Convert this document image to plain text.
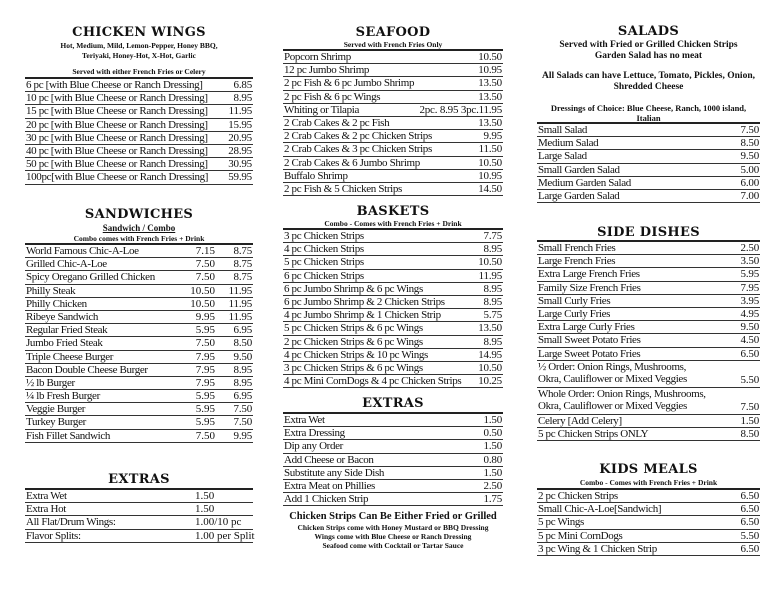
CHICKEN WINGS
Hot, Medium, Mild, Lemon-Pepper, Honey BBQ,
Teriyaki, Honey-Hot, X-Hot, Garlic
Served with either French Fries or Celery
6 pc [with Blue Cheese or Ranch Dressing]	6.85
10 pc [with Blue Cheese or Ranch Dressing] 8.95
15 pc [with Blue Cheese or Ranch Dressing] 11.95
20 pc [with Blue Cheese or Ranch Dressing] 15.95
30 pc [with Blue Cheese or Ranch Dressing] 20.95
40 pc [with Blue Cheese or Ranch Dressing] 28.95
50 pc [with Blue Cheese or Ranch Dressing] 30.95
100pc[with Blue Cheese or Ranch Dressing] 59.95
SANDWICHES
Sandwich / Combo
Combo comes with French Fries + Drink
World Famous Chic-A-Loe	7.15 8.75
Grilled Chic-A-Loe	7.50 8.75
Spicy Oregano Grilled Chicken	7.50 8.75
Philly Steak	10.50 11.95
Philly Chicken	10.50 11.95
Ribeye Sandwich	9.95 11.95
Regular Fried Steak	5.95 6.95
Jumbo Fried Steak	7.50 8.50
Triple Cheese Burger	7.95 9.50
Bacon Double Cheese Burger	7.95 8.95
½ lb Burger	7.95 8.95
¼ lb Fresh Burger	5.95 6.95
Veggie Burger	5.95 7.50
Turkey Burger	5.95 7.50
Fish Fillet Sandwich	7.50 9.95
EXTRAS
Extra Wet	1.50
Extra Hot	1.50
All Flat/Drum Wings:	1.00/10 pc
Flavor Splits:	1.00 per Split
SEAFOOD
Served with French Fries Only
Popcorn Shrimp	10.50
12 pc Jumbo Shrimp	10.95
2 pc Fish & 6 pc Jumbo Shrimp	13.50
2 pc Fish & 6 pc Wings	13.50
Whiting or Tilapia	2pc. 8.95 3pc.11.95
2 Crab Cakes & 2 pc Fish	13.50
2 Crab Cakes & 2 pc Chicken Strips	9.95
2 Crab Cakes & 3 pc Chicken Strips	11.50
2 Crab Cakes & 6 Jumbo Shrimp	10.50
Buffalo Shrimp	10.95
2 pc Fish & 5 Chicken Strips	14.50
BASKETS
Combo - Comes with French Fries + Drink
3 pc Chicken Strips	7.75
4 pc Chicken Strips	8.95
5 pc Chicken Strips	10.50
6 pc Chicken Strips	11.95
6 pc Jumbo Shrimp & 6 pc Wings	8.95
6 pc Jumbo Shrimp & 2 Chicken Strips	8.95
4 pc Jumbo Shrimp & 1 Chicken Strip	5.75
5 pc Chicken Strips & 6 pc Wings	13.50
2 pc Chicken Strips & 6 pc Wings	8.95
4 pc Chicken Strips & 10 pc Wings	14.95
3 pc Chicken Strips & 6 pc Wings	10.50
4 pc Mini CornDogs & 4 pc Chicken Strips 10.25
EXTRAS
Extra Wet	1.50
Extra Dressing	0.50
Dip any Order	1.50
Add Cheese or Bacon	0.80
Substitute any Side Dish	1.50
Extra Meat on Phillies	2.50
Add 1 Chicken Strip	1.75
Chicken Strips Can Be Either Fried or Grilled
Chicken Strips come with Honey Mustard or BBQ Dressing
Wings come with Blue Cheese or Ranch Dressing
Seafood come with Cocktail or Tartar Sauce
SALADS
Served with Fried or Grilled Chicken Strips
Garden Salad has no meat
All Salads can have Lettuce, Tomato, Pickles, Onion,
Shredded Cheese
Dressings of Choice: Blue Cheese, Ranch, 1000 island,
Italian
Small Salad	7.50
Medium Salad	8.50
Large Salad	9.50
Small Garden Salad	5.00
Medium Garden Salad	6.00
Large Garden Salad	7.00
SIDE DISHES
Small French Fries	2.50
Large French Fries	3.50
Extra Large French Fries	5.95
Family Size French Fries	7.95
Small Curly Fries	3.95
Large Curly Fries	4.95
Extra Large Curly Fries	9.50
Small Sweet Potato Fries	4.50
Large Sweet Potato Fries	6.50
½ Order: Onion Rings, Mushrooms, Okra, Cauliflower or Mixed Veggies	5.50
Whole Order: Onion Rings, Mushrooms, Okra, Cauliflower or Mixed Veggies	7.50
Celery [Add Celery]	1.50
5 pc Chicken Strips ONLY	8.50
KIDS MEALS
Combo - Comes with French Fries + Drink
2 pc Chicken Strips	6.50
Small Chic-A-Loe[Sandwich]	6.50
5 pc Wings	6.50
5 pc Mini CornDogs	5.50
3 pc Wing & 1 Chicken Strip	6.50
